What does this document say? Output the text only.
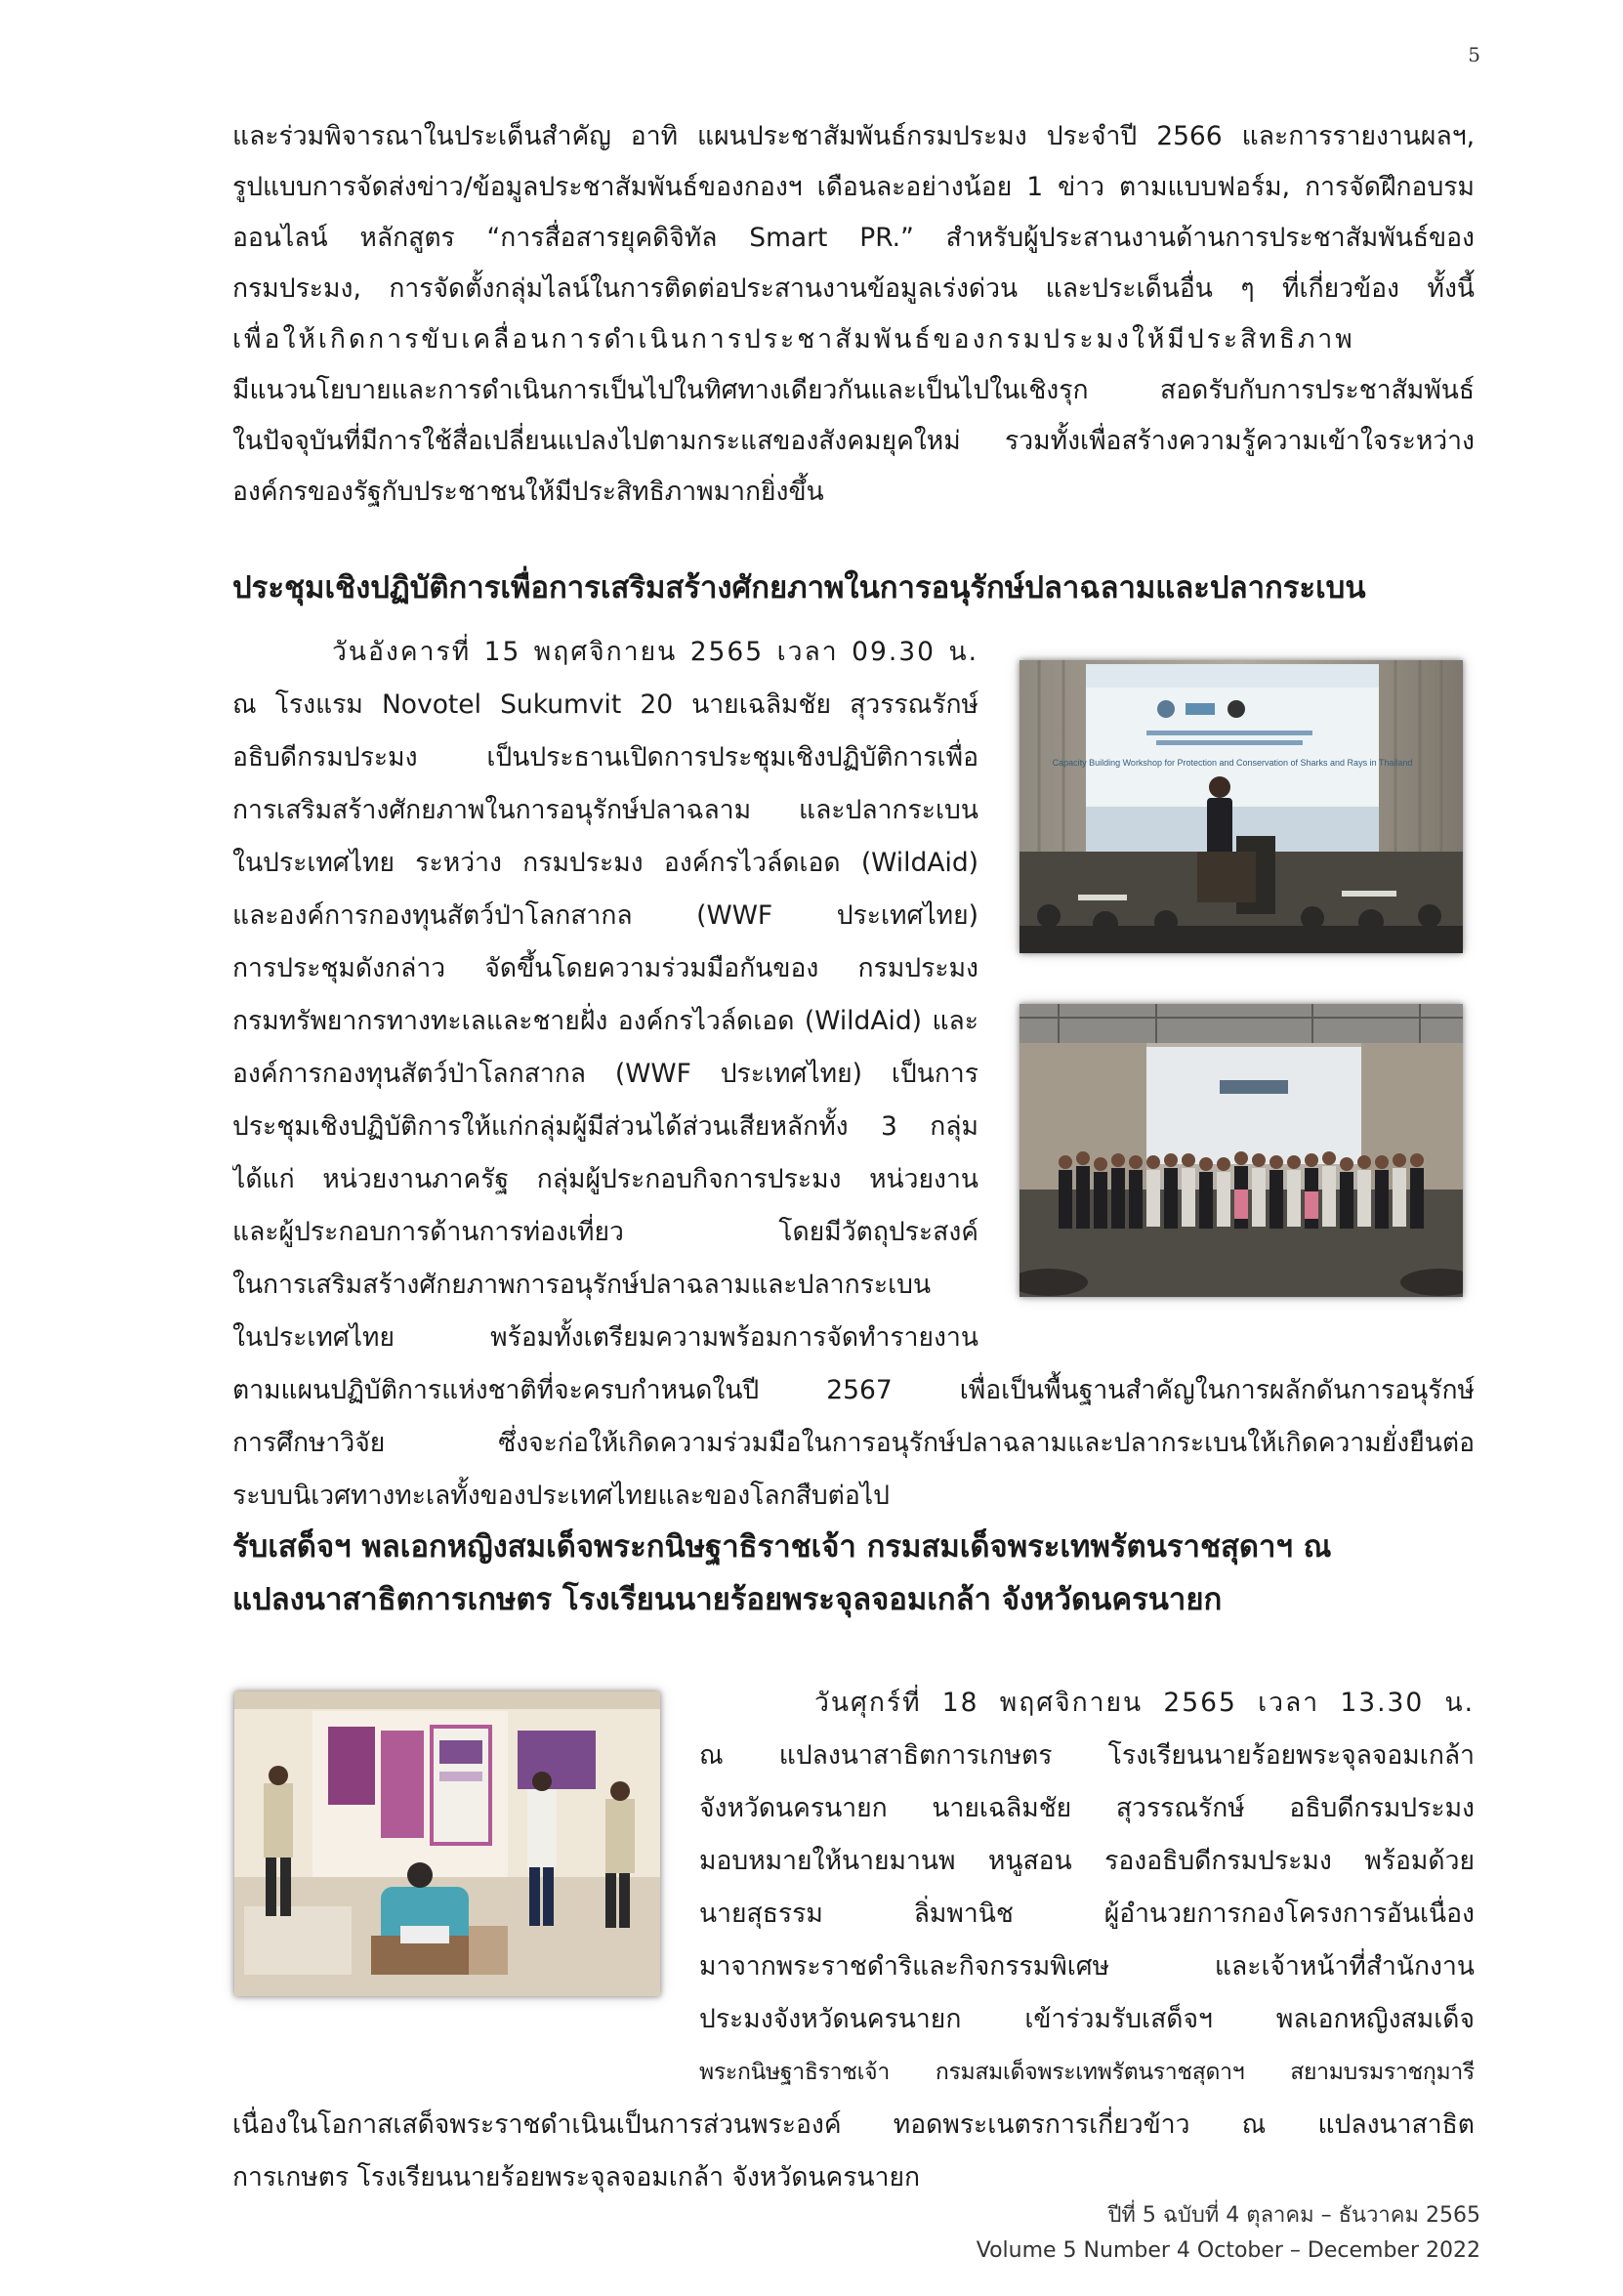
5
และร่วมพิจารณาในประเด็นสำคัญ อาทิ แผนประชาสัมพันธ์กรมประมง ประจำปี 2566 และการรายงานผลฯ,
รูปแบบการจัดส่งข่าว/ข้อมูลประชาสัมพันธ์ของกองฯ เดือนละอย่างน้อย 1 ข่าว ตามแบบฟอร์ม, การจัดฝึกอบรม
ออนไลน์ หลักสูตร “การสื่อสารยุคดิจิทัล Smart PR.” สำหรับผู้ประสานงานด้านการประชาสัมพันธ์ของ
กรมประมง, การจัดตั้งกลุ่มไลน์ในการติดต่อประสานงานข้อมูลเร่งด่วน และประเด็นอื่น ๆ ที่เกี่ยวข้อง ทั้งนี้
เพื่อให้เกิดการขับเคลื่อนการดำเนินการประชาสัมพันธ์ของกรมประมงให้มีประสิทธิภาพ
มีแนวนโยบายและการดำเนินการเป็นไปในทิศทางเดียวกันและเป็นไปในเชิงรุก สอดรับกับการประชาสัมพันธ์
ในปัจจุบันที่มีการใช้สื่อเปลี่ยนแปลงไปตามกระแสของสังคมยุคใหม่ รวมทั้งเพื่อสร้างความรู้ความเข้าใจระหว่าง
องค์กรของรัฐกับประชาชนให้มีประสิทธิภาพมากยิ่งขึ้น
ประชุมเชิงปฏิบัติการเพื่อการเสริมสร้างศักยภาพในการอนุรักษ์ปลาฉลามและปลากระเบน
วันอังคารที่ 15 พฤศจิกายน 2565 เวลา 09.30 น.
ณ โรงแรม Novotel Sukumvit 20 นายเฉลิมชัย สุวรรณรักษ์
อธิบดีกรมประมง เป็นประธานเปิดการประชุมเชิงปฏิบัติการเพื่อ
การเสริมสร้างศักยภาพในการอนุรักษ์ปลาฉลาม และปลากระเบน
ในประเทศไทย ระหว่าง กรมประมง องค์กรไวล์ดเอด (WildAid)
และองค์การกองทุนสัตว์ป่าโลกสากล (WWF ประเทศไทย)
การประชุมดังกล่าว จัดขึ้นโดยความร่วมมือกันของ กรมประมง
กรมทรัพยากรทางทะเลและชายฝั่ง องค์กรไวล์ดเอด (WildAid) และ
องค์การกองทุนสัตว์ป่าโลกสากล (WWF ประเทศไทย) เป็นการ
ประชุมเชิงปฏิบัติการให้แก่กลุ่มผู้มีส่วนได้ส่วนเสียหลักทั้ง 3 กลุ่ม
ได้แก่ หน่วยงานภาครัฐ กลุ่มผู้ประกอบกิจการประมง หน่วยงาน
และผู้ประกอบการด้านการท่องเที่ยว โดยมีวัตถุประสงค์
ในการเสริมสร้างศักยภาพการอนุรักษ์ปลาฉลามและปลากระเบน
ในประเทศไทย พร้อมทั้งเตรียมความพร้อมการจัดทำรายงาน
ตามแผนปฏิบัติการแห่งชาติที่จะครบกำหนดในปี 2567 เพื่อเป็นพื้นฐานสำคัญในการผลักดันการอนุรักษ์
การศึกษาวิจัย ซึ่งจะก่อให้เกิดความร่วมมือในการอนุรักษ์ปลาฉลามและปลากระเบนให้เกิดความยั่งยืนต่อ
ระบบนิเวศทางทะเลทั้งของประเทศไทยและของโลกสืบต่อไป
Capacity Building Workshop for Protection and Conservation of Sharks and Rays in Thailand
รับเสด็จฯ พลเอกหญิงสมเด็จพระกนิษฐาธิราชเจ้า กรมสมเด็จพระเทพรัตนราชสุดาฯ ณ
แปลงนาสาธิตการเกษตร โรงเรียนนายร้อยพระจุลจอมเกล้า จังหวัดนครนายก
วันศุกร์ที่ 18 พฤศจิกายน 2565 เวลา 13.30 น.
ณ แปลงนาสาธิตการเกษตร โรงเรียนนายร้อยพระจุลจอมเกล้า
จังหวัดนครนายก นายเฉลิมชัย สุวรรณรักษ์ อธิบดีกรมประมง
มอบหมายให้นายมานพ หนูสอน รองอธิบดีกรมประมง พร้อมด้วย
นายสุธรรม ลิ่มพานิช ผู้อำนวยการกองโครงการอันเนื่อง
มาจากพระราชดำริและกิจกรรมพิเศษ และเจ้าหน้าที่สำนักงาน
ประมงจังหวัดนครนายก เข้าร่วมรับเสด็จฯ พลเอกหญิงสมเด็จ
พระกนิษฐาธิราชเจ้า กรมสมเด็จพระเทพรัตนราชสุดาฯ สยามบรมราชกุมารี
เนื่องในโอกาสเสด็จพระราชดำเนินเป็นการส่วนพระองค์ ทอดพระเนตรการเกี่ยวข้าว ณ แปลงนาสาธิต
การเกษตร โรงเรียนนายร้อยพระจุลจอมเกล้า จังหวัดนครนายก
ปีที่ 5 ฉบับที่ 4 ตุลาคม – ธันวาคม 2565
Volume 5 Number 4 October – December 2022
